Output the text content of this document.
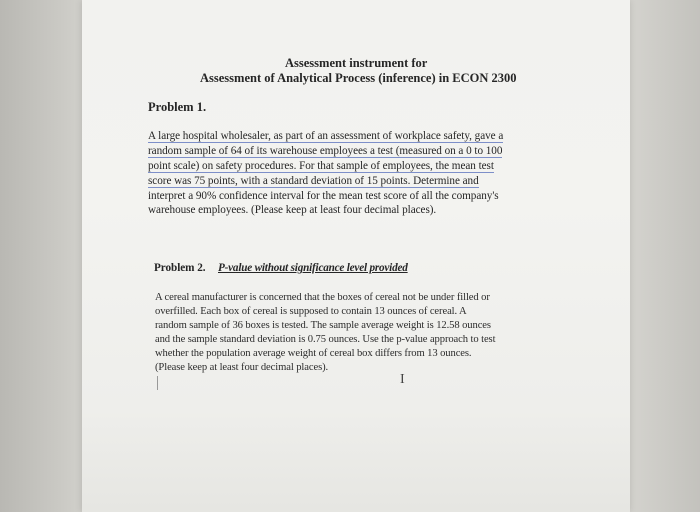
Assessment instrument for
Assessment of Analytical Process (inference) in ECON 2300
Problem 1.
A large hospital wholesaler, as part of an assessment of workplace safety, gave a
random sample of 64 of its warehouse employees a test (measured on a 0 to 100
point scale) on safety procedures. For that sample of employees, the mean test
score was 75 points, with a standard deviation of 15 points. Determine and
interpret a 90% confidence interval for the mean test score of all the company's
warehouse employees. (Please keep at least four decimal places).
Problem 2. P-value without significance level provided
A cereal manufacturer is concerned that the boxes of cereal not be under filled or
overfilled. Each box of cereal is supposed to contain 13 ounces of cereal. A
random sample of 36 boxes is tested. The sample average weight is 12.58 ounces
and the sample standard deviation is 0.75 ounces. Use the p-value approach to test
whether the population average weight of cereal box differs from 13 ounces.
(Please keep at least four decimal places).
I
